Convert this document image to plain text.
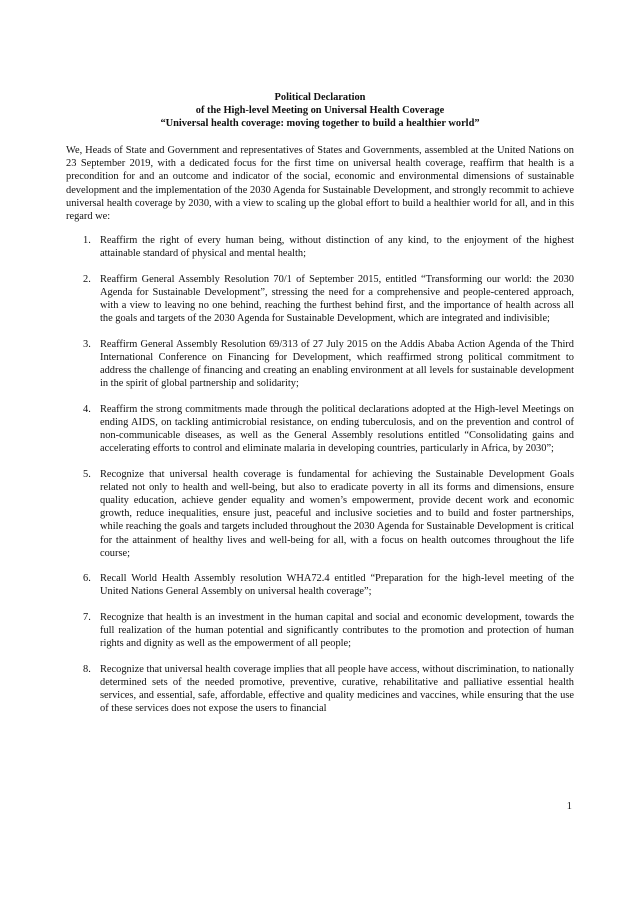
Political Declaration
of the High-level Meeting on Universal Health Coverage
“Universal health coverage: moving together to build a healthier world”

We, Heads of State and Government and representatives of States and Governments, assembled at the United Nations on 23 September 2019, with a dedicated focus for the first time on universal health coverage, reaffirm that health is a precondition for and an outcome and indicator of the social, economic and environmental dimensions of sustainable development and the implementation of the 2030 Agenda for Sustainable Development, and strongly recommit to achieve universal health coverage by 2030, with a view to scaling up the global effort to build a healthier world for all, and in this regard we:

1. Reaffirm the right of every human being, without distinction of any kind, to the enjoyment of the highest attainable standard of physical and mental health;
2. Reaffirm General Assembly Resolution 70/1 of September 2015, entitled “Transforming our world: the 2030 Agenda for Sustainable Development”, stressing the need for a comprehensive and people-centered approach, with a view to leaving no one behind, reaching the furthest behind first, and the importance of health across all the goals and targets of the 2030 Agenda for Sustainable Development, which are integrated and indivisible;
3. Reaffirm General Assembly Resolution 69/313 of 27 July 2015 on the Addis Ababa Action Agenda of the Third International Conference on Financing for Development, which reaffirmed strong political commitment to address the challenge of financing and creating an enabling environment at all levels for sustainable development in the spirit of global partnership and solidarity;
4. Reaffirm the strong commitments made through the political declarations adopted at the High-level Meetings on ending AIDS, on tackling antimicrobial resistance, on ending tuberculosis, and on the prevention and control of non-communicable diseases, as well as the General Assembly resolutions entitled “Consolidating gains and accelerating efforts to control and eliminate malaria in developing countries, particularly in Africa, by 2030”;
5. Recognize that universal health coverage is fundamental for achieving the Sustainable Development Goals related not only to health and well-being, but also to eradicate poverty in all its forms and dimensions, ensure quality education, achieve gender equality and women’s empowerment, provide decent work and economic growth, reduce inequalities, ensure just, peaceful and inclusive societies and to build and foster partnerships, while reaching the goals and targets included throughout the 2030 Agenda for Sustainable Development is critical for the attainment of healthy lives and well-being for all, with a focus on health outcomes throughout the life course;
6. Recall World Health Assembly resolution WHA72.4 entitled “Preparation for the high-level meeting of the United Nations General Assembly on universal health coverage”;
7. Recognize that health is an investment in the human capital and social and economic development, towards the full realization of the human potential and significantly contributes to the promotion and protection of human rights and dignity as well as the empowerment of all people;
8. Recognize that universal health coverage implies that all people have access, without discrimination, to nationally determined sets of the needed promotive, preventive, curative, rehabilitative and palliative essential health services, and essential, safe, affordable, effective and quality medicines and vaccines, while ensuring that the use of these services does not expose the users to financial
1
